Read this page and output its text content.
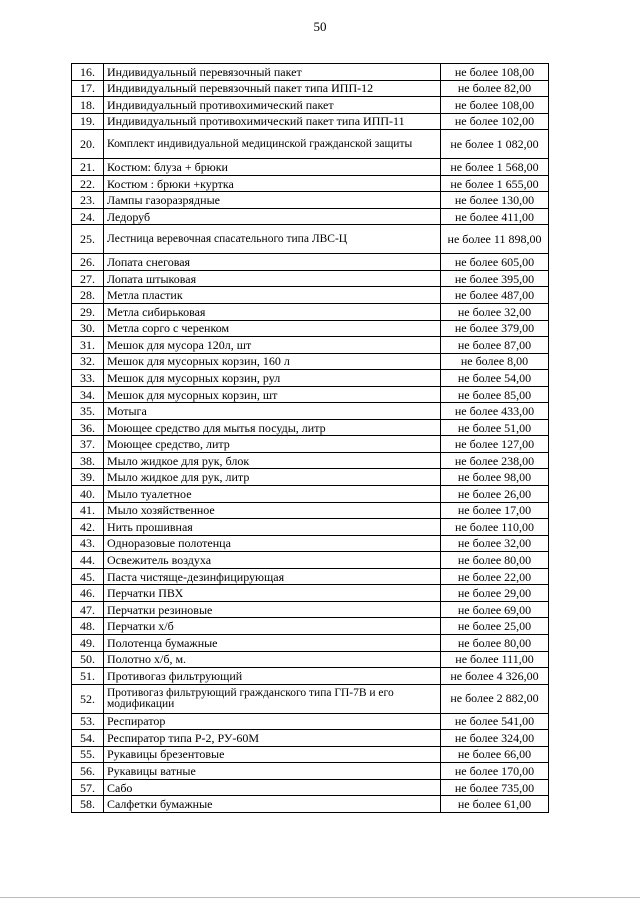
50
16.	Индивидуальный перевязочный пакет	не более 108,00
17.	Индивидуальный перевязочный пакет типа ИПП-12	не более 82,00
18.	Индивидуальный противохимический пакет	не более 108,00
19.	Индивидуальный противохимический пакет типа ИПП-11	не более 102,00
20.	Комплект индивидуальной медицинской гражданской защиты	не более 1 082,00
21.	Костюм: блуза + брюки	не более 1 568,00
22.	Костюм : брюки +куртка	не более 1 655,00
23.	Лампы газоразрядные	не более 130,00
24.	Ледоруб	не более 411,00
25.	Лестница веревочная спасательного типа ЛВС-Ц	не более 11 898,00
26.	Лопата снеговая	не более 605,00
27.	Лопата штыковая	не более 395,00
28.	Метла пластик	не более 487,00
29.	Метла сибирьковая	не более 32,00
30.	Метла сорго с черенком	не более 379,00
31.	Мешок для мусора 120л, шт	не более 87,00
32.	Мешок для мусорных корзин, 160 л	не более 8,00
33.	Мешок для мусорных корзин, рул	не более 54,00
34.	Мешок для мусорных корзин, шт	не более 85,00
35.	Мотыга	не более 433,00
36.	Моющее средство для мытья посуды, литр	не более 51,00
37.	Моющее средство, литр	не более 127,00
38.	Мыло жидкое для рук, блок	не более 238,00
39.	Мыло жидкое для рук, литр	не более 98,00
40.	Мыло туалетное	не более 26,00
41.	Мыло хозяйственное	не более 17,00
42.	Нить прошивная	не более 110,00
43.	Одноразовые полотенца	не более 32,00
44.	Освежитель воздуха	не более 80,00
45.	Паста чистяще-дезинфицирующая	не более 22,00
46.	Перчатки ПВХ	не более 29,00
47.	Перчатки резиновые	не более 69,00
48.	Перчатки х/б	не более 25,00
49.	Полотенца бумажные	не более 80,00
50.	Полотно х/б, м.	не более 111,00
51.	Противогаз фильтрующий	не более 4 326,00
52.	Противогаз фильтрующий гражданского типа ГП-7В и его модификации	не более 2 882,00
53.	Респиратор	не более 541,00
54.	Респиратор типа Р-2, РУ-60М	не более 324,00
55.	Рукавицы брезентовые	не более 66,00
56.	Рукавицы ватные	не более 170,00
57.	Сабо	не более 735,00
58.	Салфетки бумажные	не более 61,00
